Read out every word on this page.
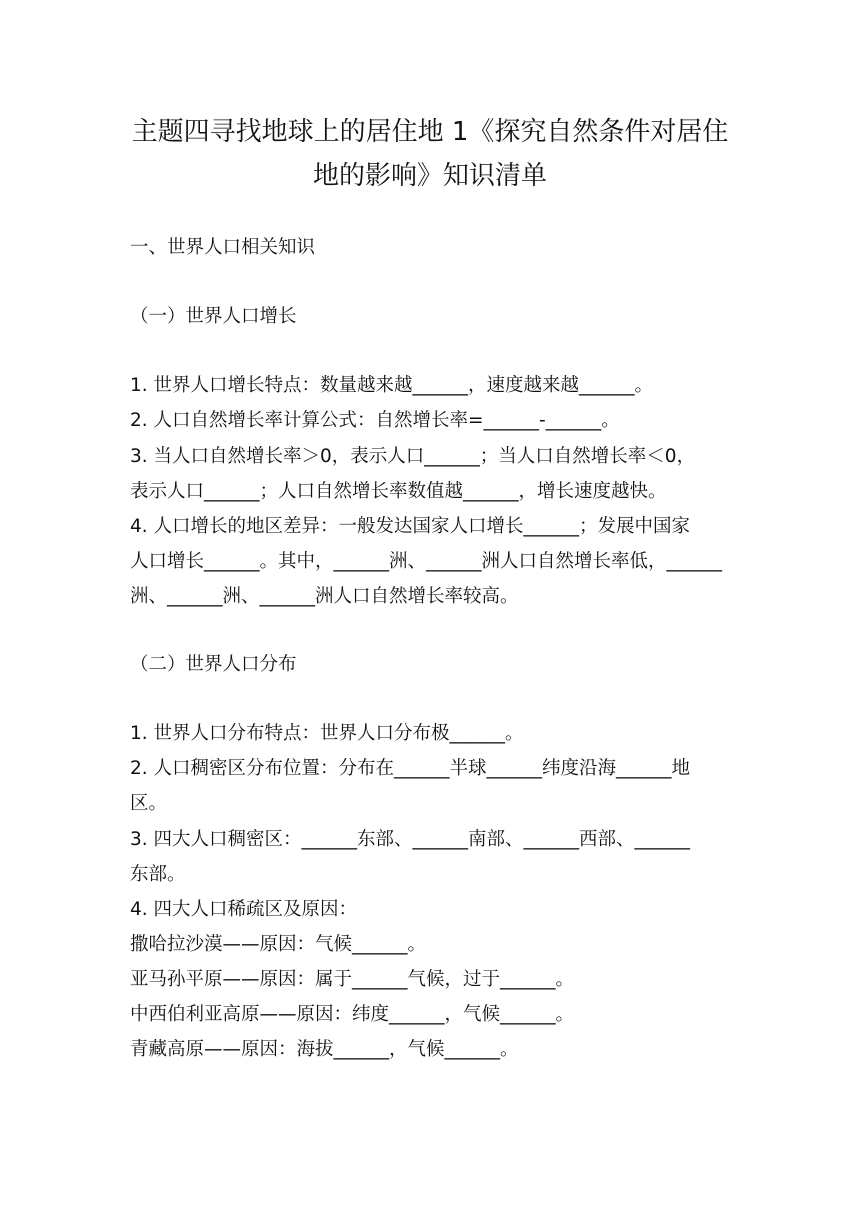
主题四寻找地球上的居住地 1《探究自然条件对居住
地的影响》知识清单

一、世界人口相关知识

（一）世界人口增长

1. 世界人口增长特点：数量越来越______，速度越来越______。

2. 人口自然增长率计算公式：自然增长率=______-______。

3. 当人口自然增长率＞0，表示人口______；当人口自然增长率＜0，

表示人口______；人口自然增长率数值越______，增长速度越快。

4. 人口增长的地区差异：一般发达国家人口增长______；发展中国家

人口增长______。其中，______洲、______洲人口自然增长率低，______

洲、______洲、______洲人口自然增长率较高。

（二）世界人口分布

1. 世界人口分布特点：世界人口分布极______。

2. 人口稠密区分布位置：分布在______半球______纬度沿海______地

区。

3. 四大人口稠密区：______东部、______南部、______西部、______

东部。

4. 四大人口稀疏区及原因：

撒哈拉沙漠——原因：气候______。

亚马孙平原——原因：属于______气候，过于______。

中西伯利亚高原——原因：纬度______，气候______。

青藏高原——原因：海拔______，气候______。
